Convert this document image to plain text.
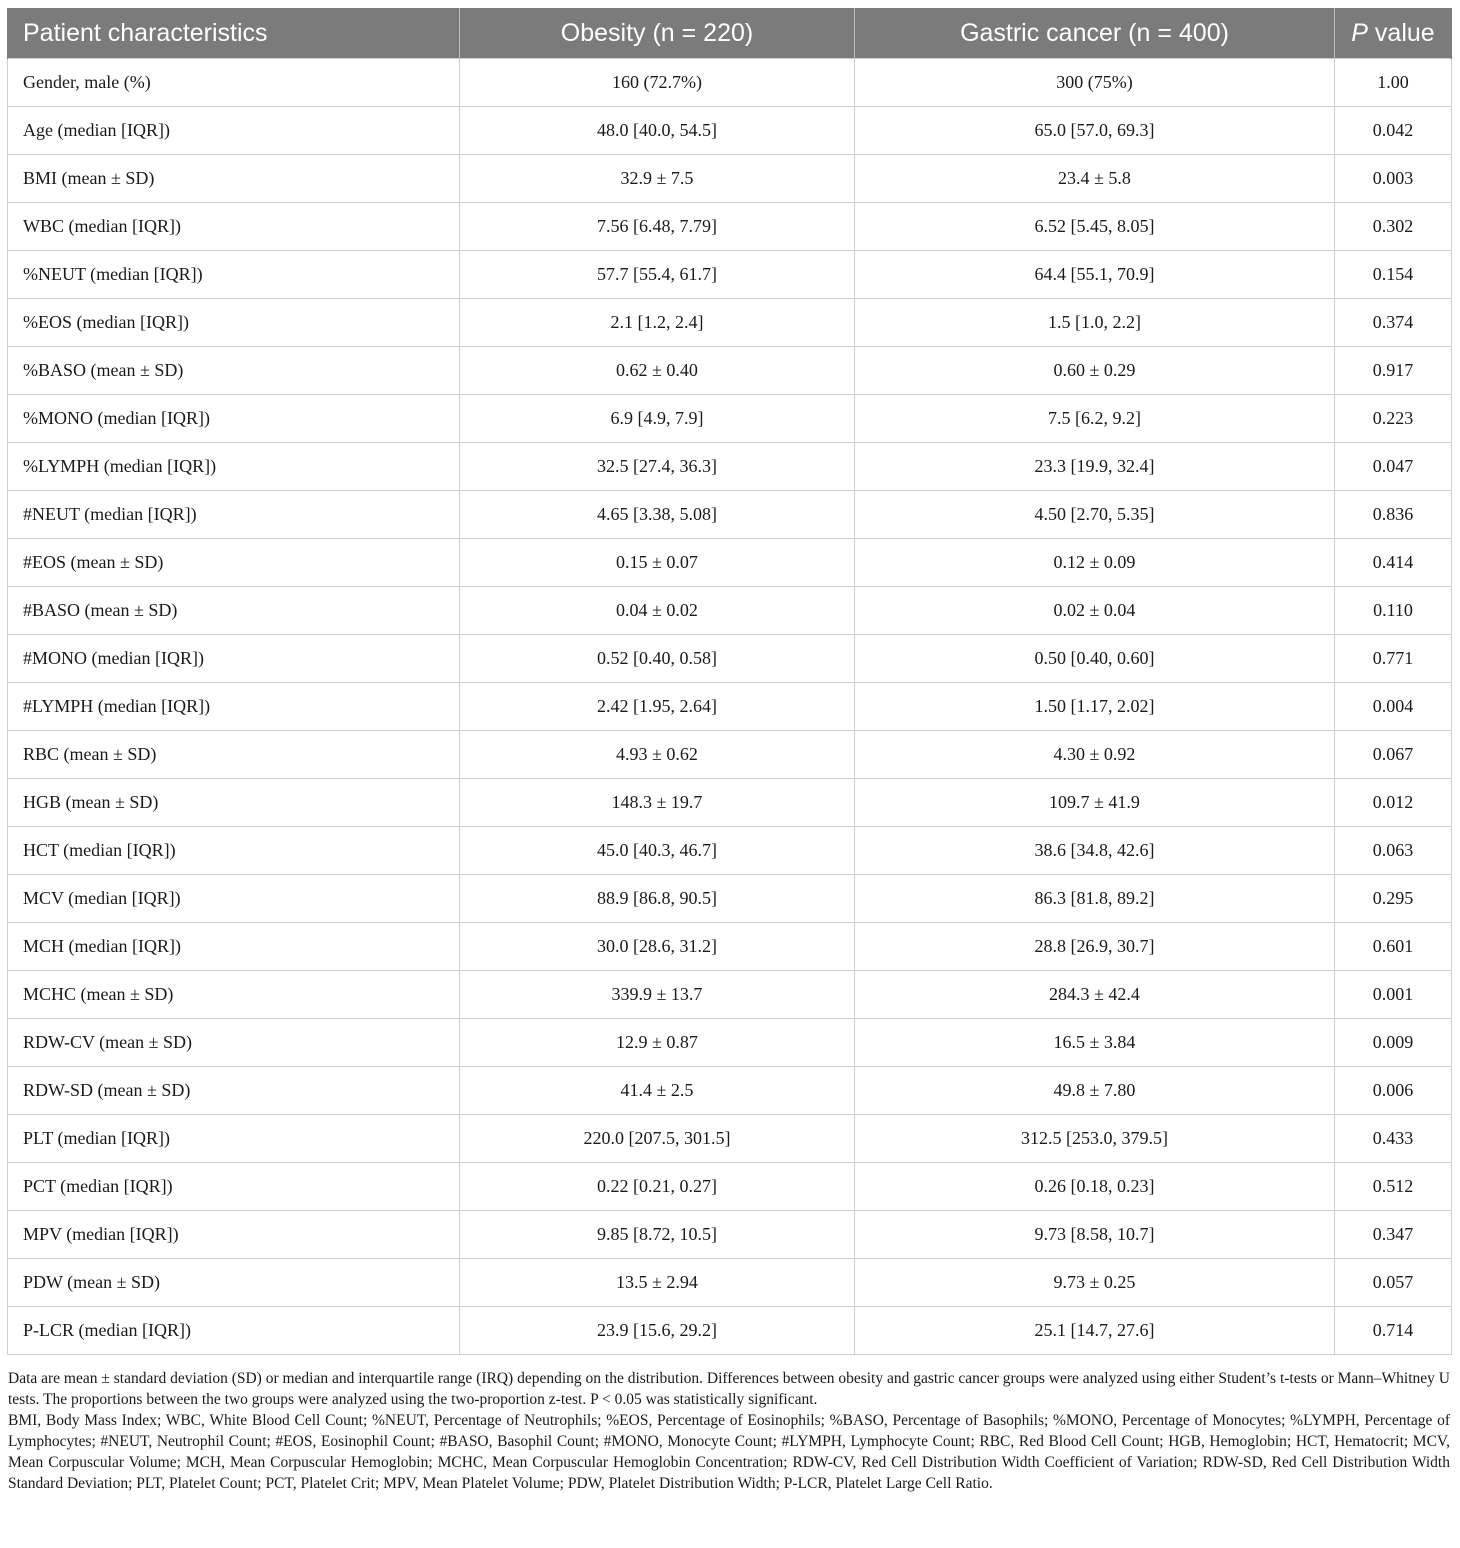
Patient characteristics	Obesity (n = 220)	Gastric cancer (n = 400)	P value
Gender, male (%)	160 (72.7%)	300 (75%)	1.00
Age (median [IQR])	48.0 [40.0, 54.5]	65.0 [57.0, 69.3]	0.042
BMI (mean ± SD)	32.9 ± 7.5	23.4 ± 5.8	0.003
WBC (median [IQR])	7.56 [6.48, 7.79]	6.52 [5.45, 8.05]	0.302
%NEUT (median [IQR])	57.7 [55.4, 61.7]	64.4 [55.1, 70.9]	0.154
%EOS (median [IQR])	2.1 [1.2, 2.4]	1.5 [1.0, 2.2]	0.374
%BASO (mean ± SD)	0.62 ± 0.40	0.60 ± 0.29	0.917
%MONO (median [IQR])	6.9 [4.9, 7.9]	7.5 [6.2, 9.2]	0.223
%LYMPH (median [IQR])	32.5 [27.4, 36.3]	23.3 [19.9, 32.4]	0.047
#NEUT (median [IQR])	4.65 [3.38, 5.08]	4.50 [2.70, 5.35]	0.836
#EOS (mean ± SD)	0.15 ± 0.07	0.12 ± 0.09	0.414
#BASO (mean ± SD)	0.04 ± 0.02	0.02 ± 0.04	0.110
#MONO (median [IQR])	0.52 [0.40, 0.58]	0.50 [0.40, 0.60]	0.771
#LYMPH (median [IQR])	2.42 [1.95, 2.64]	1.50 [1.17, 2.02]	0.004
RBC (mean ± SD)	4.93 ± 0.62	4.30 ± 0.92	0.067
HGB (mean ± SD)	148.3 ± 19.7	109.7 ± 41.9	0.012
HCT (median [IQR])	45.0 [40.3, 46.7]	38.6 [34.8, 42.6]	0.063
MCV (median [IQR])	88.9 [86.8, 90.5]	86.3 [81.8, 89.2]	0.295
MCH (median [IQR])	30.0 [28.6, 31.2]	28.8 [26.9, 30.7]	0.601
MCHC (mean ± SD)	339.9 ± 13.7	284.3 ± 42.4	0.001
RDW-CV (mean ± SD)	12.9 ± 0.87	16.5 ± 3.84	0.009
RDW-SD (mean ± SD)	41.4 ± 2.5	49.8 ± 7.80	0.006
PLT (median [IQR])	220.0 [207.5, 301.5]	312.5 [253.0, 379.5]	0.433
PCT (median [IQR])	0.22 [0.21, 0.27]	0.26 [0.18, 0.23]	0.512
MPV (median [IQR])	9.85 [8.72, 10.5]	9.73 [8.58, 10.7]	0.347
PDW (mean ± SD)	13.5 ± 2.94	9.73 ± 0.25	0.057
P-LCR (median [IQR])	23.9 [15.6, 29.2]	25.1 [14.7, 27.6]	0.714

Data are mean ± standard deviation (SD) or median and interquartile range (IRQ) depending on the distribution. Differences between obesity and gastric cancer groups were analyzed using either Student’s t-tests or Mann–Whitney U tests. The proportions between the two groups were analyzed using the two-proportion z-test. P < 0.05 was statistically significant.

BMI, Body Mass Index; WBC, White Blood Cell Count; %NEUT, Percentage of Neutrophils; %EOS, Percentage of Eosinophils; %BASO, Percentage of Basophils; %MONO, Percentage of Monocytes; %LYMPH, Percentage of Lymphocytes; #NEUT, Neutrophil Count; #EOS, Eosinophil Count; #BASO, Basophil Count; #MONO, Monocyte Count; #LYMPH, Lymphocyte Count; RBC, Red Blood Cell Count; HGB, Hemoglobin; HCT, Hematocrit; MCV, Mean Corpuscular Volume; MCH, Mean Corpuscular Hemoglobin; MCHC, Mean Corpuscular Hemoglobin Concentration; RDW-CV, Red Cell Distribution Width Coefficient of Variation; RDW-SD, Red Cell Distribution Width Standard Deviation; PLT, Platelet Count; PCT, Platelet Crit; MPV, Mean Platelet Volume; PDW, Platelet Distribution Width; P-LCR, Platelet Large Cell Ratio.
